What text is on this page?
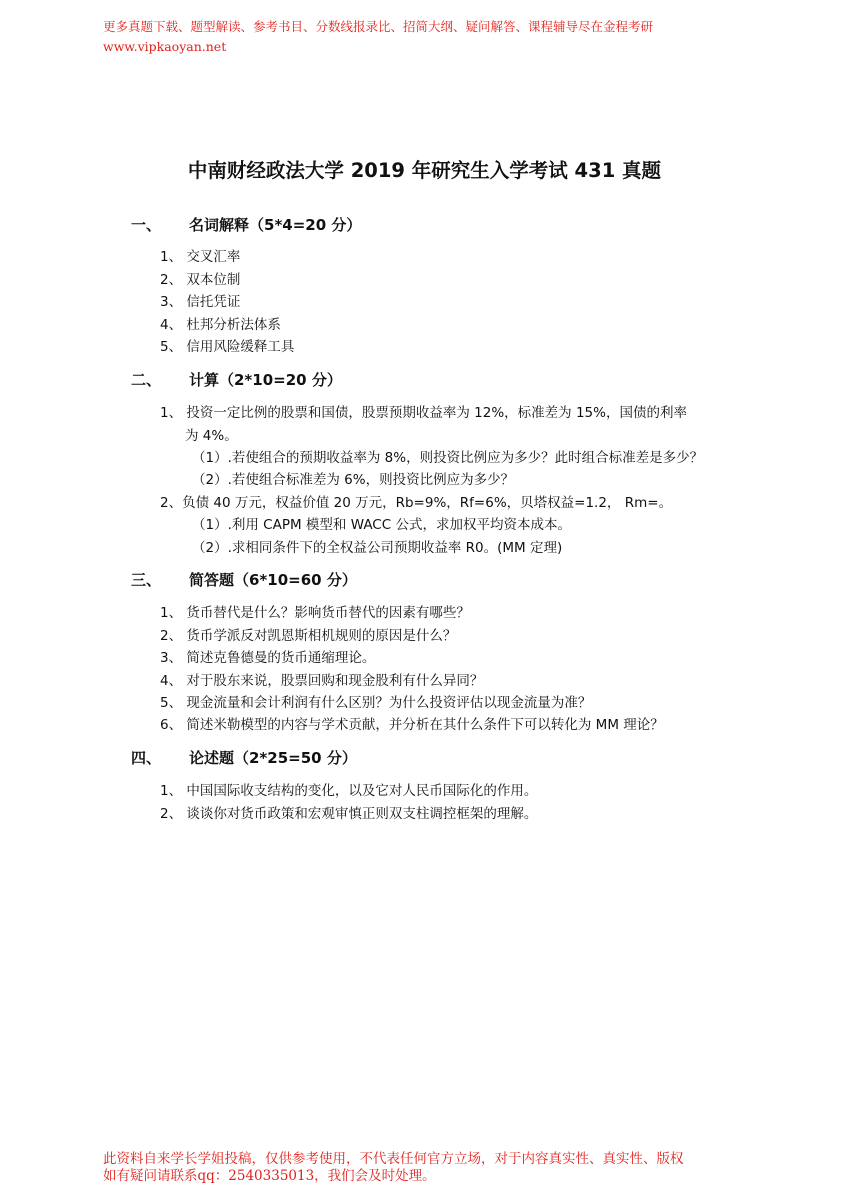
更多真题下载、题型解读、参考书目、分数线报录比、招简大纲、疑问解答、课程辅导尽在金程考研
www.vipkaoyan.net
中南财经政法大学 2019 年研究生入学考试 431 真题
一、 名词解释（5*4=20 分）
1、 交叉汇率
2、 双本位制
3、 信托凭证
4、 杜邦分析法体系
5、 信用风险缓释工具
二、 计算（2*10=20 分）
1、 投资一定比例的股票和国债，股票预期收益率为 12%，标准差为 15%，国债的利率
为 4%。
（1）.若使组合的预期收益率为 8%，则投资比例应为多少？此时组合标准差是多少？
（2）.若使组合标准差为 6%，则投资比例应为多少？
2、负债 40 万元，权益价值 20 万元，Rb=9%，Rf=6%，贝塔权益=1.2， Rm=。
（1）.利用 CAPM 模型和 WACC 公式，求加权平均资本成本。
（2）.求相同条件下的全权益公司预期收益率 R0。(MM 定理)
三、 简答题（6*10=60 分）
1、 货币替代是什么？影响货币替代的因素有哪些？
2、 货币学派反对凯恩斯相机规则的原因是什么？
3、 简述克鲁德曼的货币通缩理论。
4、 对于股东来说，股票回购和现金股利有什么异同？
5、 现金流量和会计利润有什么区别？为什么投资评估以现金流量为准？
6、 简述米勒模型的内容与学术贡献，并分析在其什么条件下可以转化为 MM 理论？
四、 论述题（2*25=50 分）
1、 中国国际收支结构的变化，以及它对人民币国际化的作用。
2、 谈谈你对货币政策和宏观审慎正则双支柱调控框架的理解。
此资料自来学长学姐投稿，仅供参考使用，不代表任何官方立场，对于内容真实性、真实性、版权
如有疑问请联系qq：2540335013，我们会及时处理。
